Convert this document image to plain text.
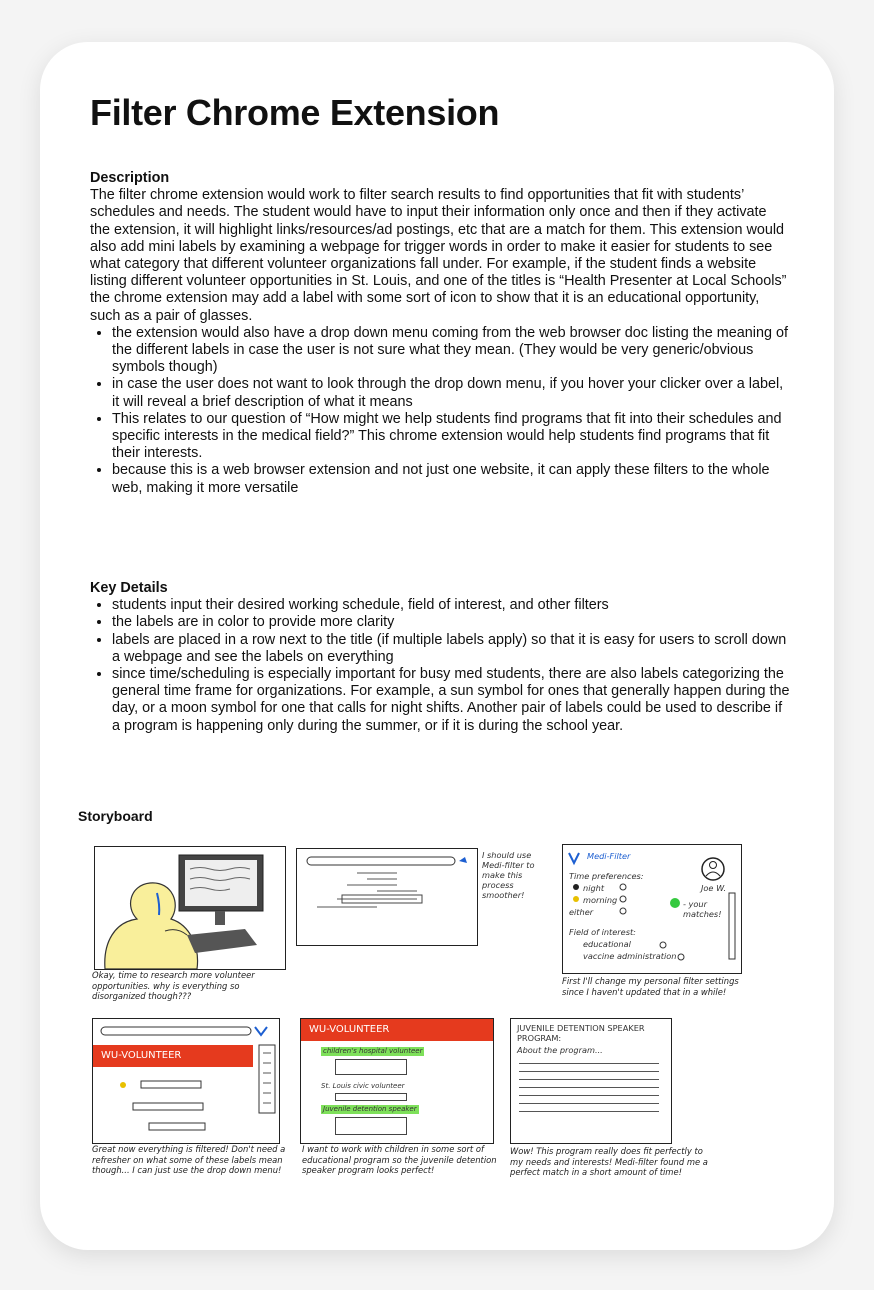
Filter Chrome Extension
Description

The filter chrome extension would work to filter search results to find opportunities that fit with students’ schedules and needs. The student would have to input their information only once and then if they activate the extension, it will highlight links/resources/ad postings, etc that are a match for them. This extension would also add mini labels by examining a webpage for trigger words in order to make it easier for students to see what category that different volunteer organizations fall under. For example, if the student finds a website listing different volunteer opportunities in St. Louis, and one of the titles is “Health Presenter at Local Schools” the chrome extension may add a label with some sort of icon to show that it is an educational opportunity, such as a pair of glasses.

• the extension would also have a drop down menu coming from the web browser doc listing the meaning of the different labels in case the user is not sure what they mean. (They would be very generic/obvious symbols though)
• in case the user does not want to look through the drop down menu, if you hover your clicker over a label, it will reveal a brief description of what it means
• This relates to our question of “How might we help students find programs that fit into their schedules and specific interests in the medical field?” This chrome extension would help students find programs that fit their interests.
• because this is a web browser extension and not just one website, it can apply these filters to the whole web, making it more versatile
Key Details
• students input their desired working schedule, field of interest, and other filters
• the labels are in color to provide more clarity
• labels are placed in a row next to the title (if multiple labels apply) so that it is easy for users to scroll down a webpage and see the labels on everything
• since time/scheduling is especially important for busy med students, there are also labels categorizing the general time frame for organizations. For example, a sun symbol for ones that generally happen during the day, or a moon symbol for one that calls for night shifts. Another pair of labels could be used to describe if a program is happening only during the summer, or if it is during the school year.
Storyboard
Okay, time to research more volunteer opportunities. why is everything so disorganized though???
I should use Medi-filter to make this process smoother!
Medi-Filter
Joe W.
Time preferences:
night
morning
either
- your matches!
Field of interest:
educational
vaccine administration
First I'll change my personal filter settings since I haven't updated that in a while!
WU-VOLUNTEER
Great now everything is filtered! Don't need a refresher on what some of these labels mean though... I can just use the drop down menu!
WU-VOLUNTEER
children's hospital volunteer
St. Louis civic volunteer
Juvenile detention speaker
I want to work with children in some sort of educational program so the juvenile detention speaker program looks perfect!
JUVENILE DETENTION SPEAKER PROGRAM:
About the program...
Wow! This program really does fit perfectly to my needs and interests! Medi-filter found me a perfect match in a short amount of time!
